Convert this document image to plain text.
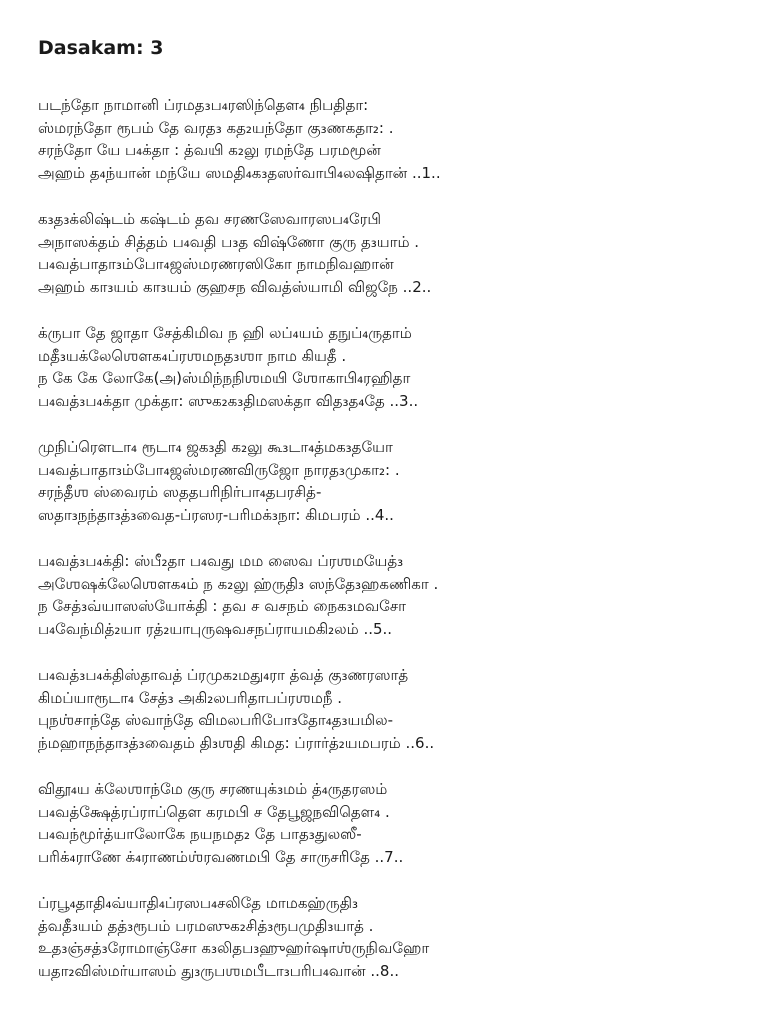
Dasakam: 3
படந்தோ நாமானி ப்ரமத₃ப₄ரஸிந்தௌ₄ நிபதிதா:
ஸ்மரந்தோ ரூபம் தே வரத₃ கத₂யந்தோ கு₃ணகதா₂: .
சரந்தோ யே ப₄க்தா : த்வயி க₂லு ரமந்தே பரமமூன்
அஹம் த₄ந்யான் மந்யே ஸமதி₄க₃தஸர்வாபி₄லஷிதான் ..1..
க₃த₃க்லிஷ்டம் கஷ்டம் தவ சரணஸேவாரஸப₄ரேபி
அநாஸக்தம் சித்தம் ப₄வதி ப₃த விஷ்ணோ குரு த₃யாம் .
ப₄வத்பாதா₃ம்போ₄ஜஸ்மரணரஸிகோ நாமநிவஹான்
அஹம் கா₃யம் கா₃யம் குஹசந விவத்ஸ்யாமி விஜநே ..2..
க்ருபா தே ஜாதா சேத்கிமிவ ந ஹி லப்₄யம் தநுப்₄ருதாம்
மதீ₃யக்லேஶௌக₄ப்ரஶமநத₃ஶா நாம கியதீ .
ந கே கே லோகே(அ)ஸ்மிந்நநிஶமயி ஶோகாபி₄ரஹிதா
ப₄வத்₃ப₄க்தா முக்தா: ஸுக₂க₃திமஸக்தா வித₃த₄தே ..3..
முநிப்ரௌடா₄ ரூடா₄ ஜக₃தி க₂லு கூ₃டா₄த்மக₃தயோ
ப₄வத்பாதா₃ம்போ₄ஜஸ்மரணவிருஜோ நாரத₃முகா₂: .
சரந்தீஶ ஸ்வைரம் ஸததபரிநிர்பா₄தபரசித்-
ஸதா₃நந்தா₃த்₃வைத-ப்ரஸர-பரிமக்₃நா: கிமபரம் ..4..
ப₄வத்₃ப₄க்தி: ஸ்பீ₂தா ப₄வது மம ஸைவ ப்ரஶமயேத்₃
அஶேஷக்லேஶௌக₄ம் ந க₂லு ஹ்ருதி₃ ஸந்தே₃ஹகணிகா .
ந சேத்₃வ்யாஸஸ்யோக்தி : தவ ச வசநம் நைக₃மவசோ
ப₄வேந்மித்₂யா ரத்₂யாபுருஷவசநப்ராயமகி₂லம் ..5..
ப₄வத்₃ப₄க்திஸ்தாவத் ப்ரமுக₂மது₄ரா த்வத் கு₃ணரஸாத்
கிமப்யாரூடா₄ சேத்₃ அகி₂லபரிதாபப்ரஶமநீ .
புநஶ்சாந்தே ஸ்வாந்தே விமலபரிபோ₃தோ₄த₃யமில-
ந்மஹாநந்தா₃த்₃வைதம் தி₃ஶதி கிமத: ப்ரார்த்₂யமபரம் ..6..
விதூ₄ய க்லேஶாந்மே குரு சரணயுக்₃மம் த்₄ருதரஸம்
ப₄வத்க்ஷேத்ரப்ராப்தௌ கரமபி ச தேபூஜநவிதௌ₄ .
ப₄வந்மூர்த்யாலோகே நயநமத₂ தே பாத₃துலஸீ-
பரிக்₄ராணே க்₄ராணம்ஶ்ரவணமபி தே சாருசரிதே ..7..
ப்ரபூ₄தாதி₄வ்யாதி₄ப்ரஸப₄சலிதே மாமகஹ்ருதி₃
த்வதீ₃யம் தத்₃ரூபம் பரமஸுக₂சித்₃ரூபமுதி₃யாத் .
உத₃ஞ்சத்₃ரோமாஞ்சோ க₃லிதப₃ஹுஹர்ஷாஶ்ருநிவஹோ
யதா₂விஸ்மர்யாஸம் து₃ருபஶமபீடா₃பரிப₄வான் ..8..
